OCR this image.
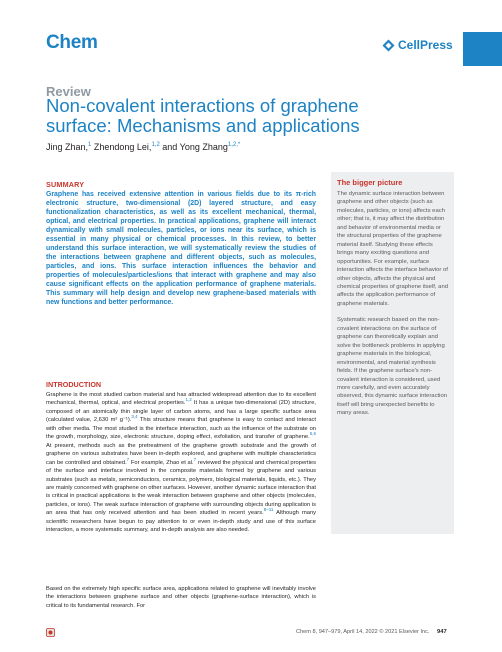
Chem	CellPress
Review
Non-covalent interactions of graphene surface: Mechanisms and applications
Jing Zhan,$^1$ Zhendong Lei,$^{1,2}$ and Yong Zhang$^{1,2,*}$
SUMMARY
Graphene has received extensive attention in various fields due to its π-rich electronic structure, two-dimensional (2D) layered structure, and easy functionalization characteristics, as well as its excellent mechanical, thermal, optical, and electrical properties. In practical applications, graphene will interact dynamically with small molecules, particles, or ions near its surface, which is essential in many physical or chemical processes. In this review, to better understand this surface interaction, we will systematically review the studies of the interactions between graphene and different objects, such as molecules, particles, and ions. This surface interaction influences the behavior and properties of molecules/particles/ions that interact with graphene and may also cause significant effects on the application performance of graphene materials. This summary will help design and develop new graphene-based materials with new functions and better performance.
INTRODUCTION

Graphene is the most studied carbon material and has attracted widespread attention due to its excellent mechanical, thermal, optical, and electrical properties.$^{1,2}$ It has a unique two-dimensional (2D) structure, composed of an atomically thin single layer of carbon atoms, and has a large specific surface area (calculated value, 2,630 m² g⁻¹).$^{3,4}$ This structure means that graphene is easy to contact and interact with other media. The most studied is the interface interaction, such as the influence of the substrate on the growth, morphology, size, electronic structure, doping effect, exfoliation, and transfer of graphene.$^{5,6}$ At present, methods such as the pretreatment of the graphene growth substrate and the growth of graphene on various substrates have been in-depth explored, and graphene with multiple characteristics can be controlled and obtained.$^7$ For example, Zhao et al.$^7$ reviewed the physical and chemical properties of the surface and interface involved in the composite materials formed by graphene and various substrates (such as metals, semiconductors, ceramics, polymers, biological materials, liquids, etc.). They are mainly concerned with graphene on other surfaces. However, another dynamic surface interaction that is critical in practical applications is the weak interaction between graphene and other objects (molecules, particles, or ions). The weak surface interaction of graphene with surrounding objects during application is an area that has only received attention and has been studied in recent years.$^{8-11}$ Although many scientific researchers have begun to pay attention to or even in-depth study and use of this surface interaction, a more systematic summary, and in-depth analysis are also needed.

Based on the extremely high specific surface area, applications related to graphene will inevitably involve the interactions between graphene surface and other objects (graphene-surface interaction), which is critical to its fundamental research. For
The bigger picture

The dynamic surface interaction between graphene and other objects (such as molecules, particles, or ions) affects each other; that is, it may affect the distribution and behavior of environmental media or the structural properties of the graphene material itself. Studying these effects brings many exciting questions and opportunities. For example, surface interaction affects the interface behavior of other objects, affects the physical and chemical properties of graphene itself, and affects the application performance of graphene materials.

Systematic research based on the non-covalent interactions on the surface of graphene can theoretically explain and solve the bottleneck problems in applying graphene materials in the biological, environmental, and material synthesis fields. If the graphene surface's non-covalent interaction is considered, used more carefully, and even accurately observed, this dynamic surface interaction itself will bring unexpected benefits to many areas.

Chem 8, 947–979, April 14, 2022 © 2021 Elsevier Inc. 947
